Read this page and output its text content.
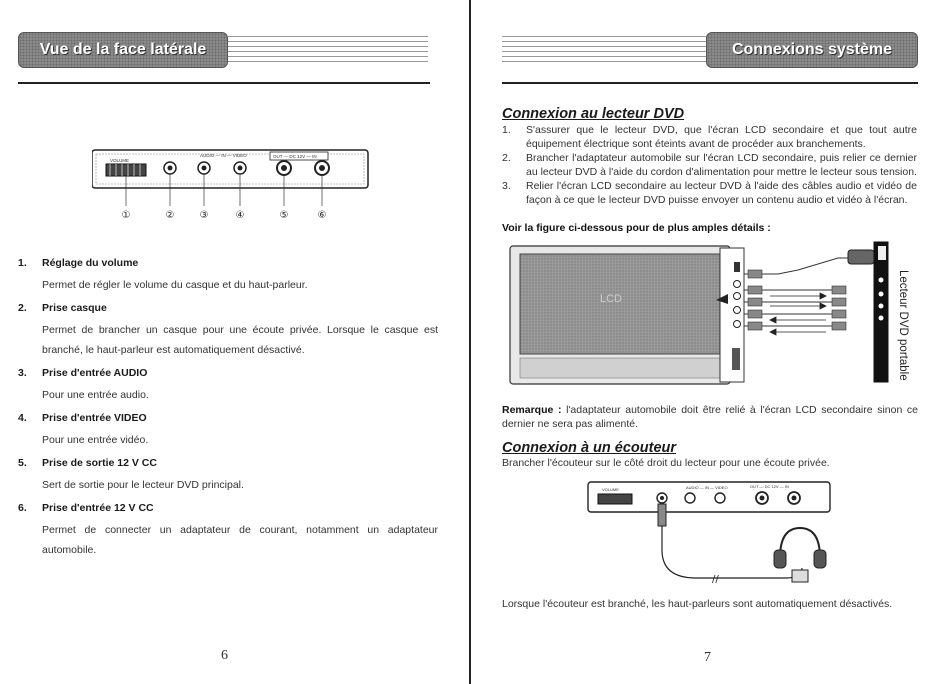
Vue de la face latérale
VOLUME
AUDIO — IN — VIDEO	OUT — DC 12V — IN
①	②	③	④	⑤	⑥
1.	Réglage du volume
Permet de régler le volume du casque et du haut-parleur.
2.	Prise casque
Permet de brancher un casque pour une écoute privée. Lorsque le casque est branché, le haut-parleur est automatiquement désactivé.
3.	Prise d'entrée AUDIO
Pour une entrée audio.
4.	Prise d'entrée VIDEO
Pour une entrée vidéo.
5.	Prise de sortie 12 V CC
Sert de sortie pour le lecteur DVD principal.
6.	Prise d'entrée 12 V CC
Permet de connecter un adaptateur de courant, notamment un adaptateur automobile.
6
Connexions système
Connexion au lecteur DVD
1.	S'assurer que le lecteur DVD, que l'écran LCD secondaire et que tout autre équipement électrique sont éteints avant de procéder aux branchements.
2.	Brancher l'adaptateur automobile sur l'écran LCD secondaire, puis relier ce dernier au lecteur DVD à l'aide du cordon d'alimentation pour mettre le lecteur sous tension.
3.	Relier l'écran LCD secondaire au lecteur DVD à l'aide des câbles audio et vidéo de façon à ce que le lecteur DVD puisse envoyer un contenu audio et vidéo à l'écran.
Voir la figure ci-dessous pour de plus amples détails :
LCD	Lecteur DVD portable
Remarque : l'adaptateur automobile doit être relié à l'écran LCD secondaire sinon ce dernier ne sera pas alimenté.
Connexion à un écouteur
Brancher l'écouteur sur le côté droit du lecteur pour une écoute privée.
VOLUME	AUDIO — IN — VIDEO	OUT — DC 12V — IN
//
Lorsque l'écouteur est branché, les haut-parleurs sont automatiquement désactivés.
7
